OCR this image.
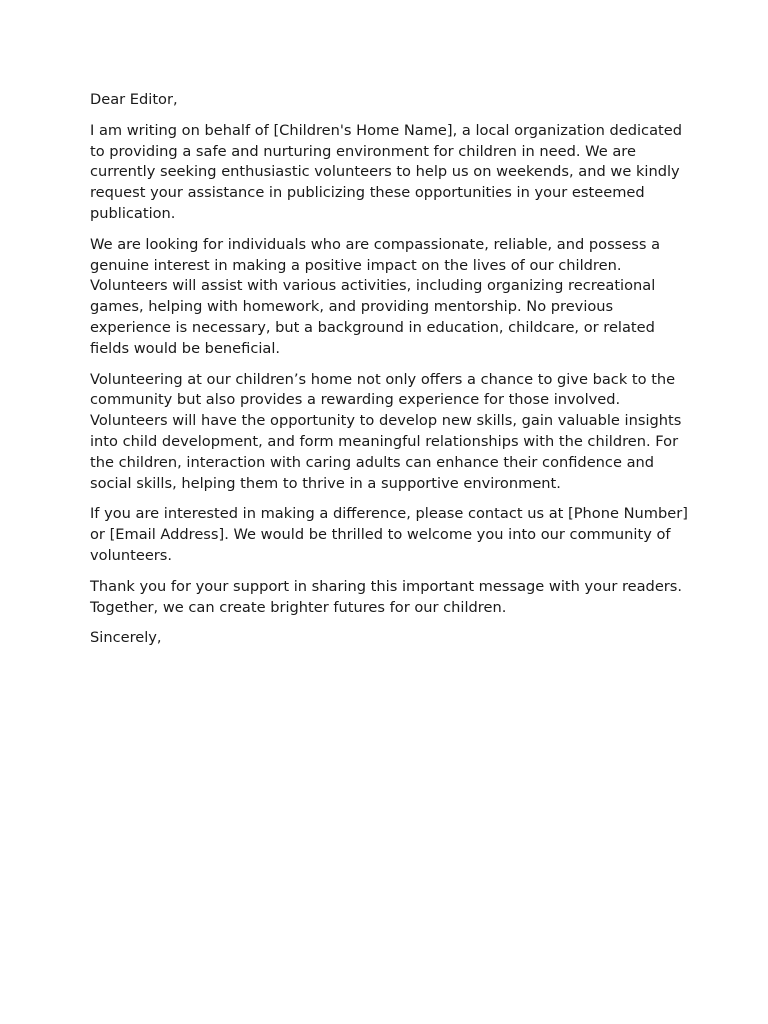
Dear Editor,

I am writing on behalf of [Children's Home Name], a local organization dedicated to providing a safe and nurturing environment for children in need. We are currently seeking enthusiastic volunteers to help us on weekends, and we kindly request your assistance in publicizing these opportunities in your esteemed publication.

We are looking for individuals who are compassionate, reliable, and possess a genuine interest in making a positive impact on the lives of our children. Volunteers will assist with various activities, including organizing recreational games, helping with homework, and providing mentorship. No previous experience is necessary, but a background in education, childcare, or related fields would be beneficial.

Volunteering at our children’s home not only offers a chance to give back to the community but also provides a rewarding experience for those involved. Volunteers will have the opportunity to develop new skills, gain valuable insights into child development, and form meaningful relationships with the children. For the children, interaction with caring adults can enhance their confidence and social skills, helping them to thrive in a supportive environment.

If you are interested in making a difference, please contact us at [Phone Number] or [Email Address]. We would be thrilled to welcome you into our community of volunteers.

Thank you for your support in sharing this important message with your readers. Together, we can create brighter futures for our children.

Sincerely,
